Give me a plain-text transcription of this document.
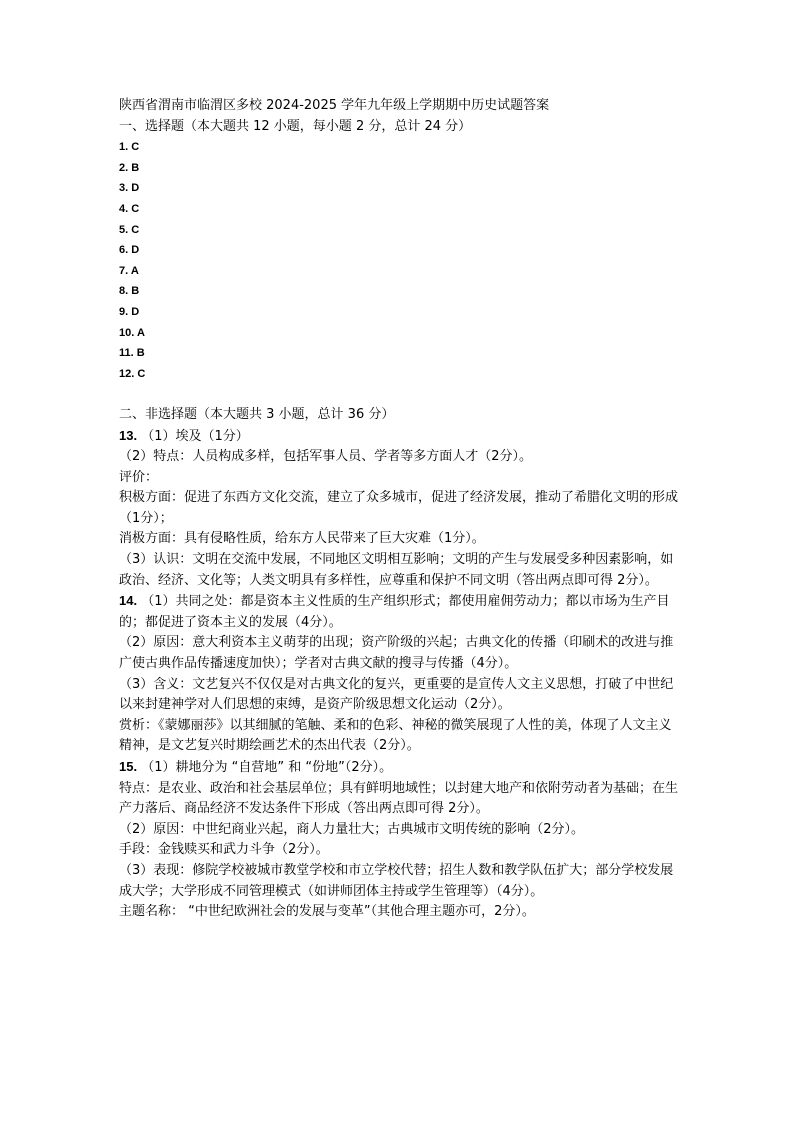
陕西省渭南市临渭区多校 2024-2025 学年九年级上学期期中历史试题答案
一、选择题（本大题共 12 小题，每小题 2 分，总计 24 分）
1. C
2. B
3. D
4. C
5. C
6. D
7. A
8. B
9. D
10. A
11. B
12. C
二、非选择题（本大题共 3 小题，总计 36 分）
13. （1）埃及（1分）
（2）特点：人员构成多样，包括军事人员、学者等多方面人才（2分）。
评价：
积极方面：促进了东西方文化交流，建立了众多城市，促进了经济发展，推动了希腊化文明的形成（1分）；
消极方面：具有侵略性质，给东方人民带来了巨大灾难（1分）。
（3）认识：文明在交流中发展，不同地区文明相互影响；文明的产生与发展受多种因素影响，如政治、经济、文化等；人类文明具有多样性，应尊重和保护不同文明（答出两点即可得 2分）。
14. （1）共同之处：都是资本主义性质的生产组织形式；都使用雇佣劳动力；都以市场为生产目的；都促进了资本主义的发展（4分）。
（2）原因：意大利资本主义萌芽的出现；资产阶级的兴起；古典文化的传播（印刷术的改进与推广使古典作品传播速度加快）；学者对古典文献的搜寻与传播（4分）。
（3）含义：文艺复兴不仅仅是对古典文化的复兴，更重要的是宣传人文主义思想，打破了中世纪以来封建神学对人们思想的束缚，是资产阶级思想文化运动（2分）。
赏析：《蒙娜丽莎》以其细腻的笔触、柔和的色彩、神秘的微笑展现了人性的美，体现了人文主义精神，是文艺复兴时期绘画艺术的杰出代表（2分）。
15. （1）耕地分为 “自营地” 和 “份地”（2分）。
特点：是农业、政治和社会基层单位；具有鲜明地域性；以封建大地产和依附劳动者为基础；在生产力落后、商品经济不发达条件下形成（答出两点即可得 2分）。
（2）原因：中世纪商业兴起，商人力量壮大；古典城市文明传统的影响（2分）。
手段：金钱赎买和武力斗争（2分）。
（3）表现：修院学校被城市教堂学校和市立学校代替；招生人数和教学队伍扩大；部分学校发展成大学；大学形成不同管理模式（如讲师团体主持或学生管理等）（4分）。
主题名称： “中世纪欧洲社会的发展与变革”（其他合理主题亦可，2分）。
